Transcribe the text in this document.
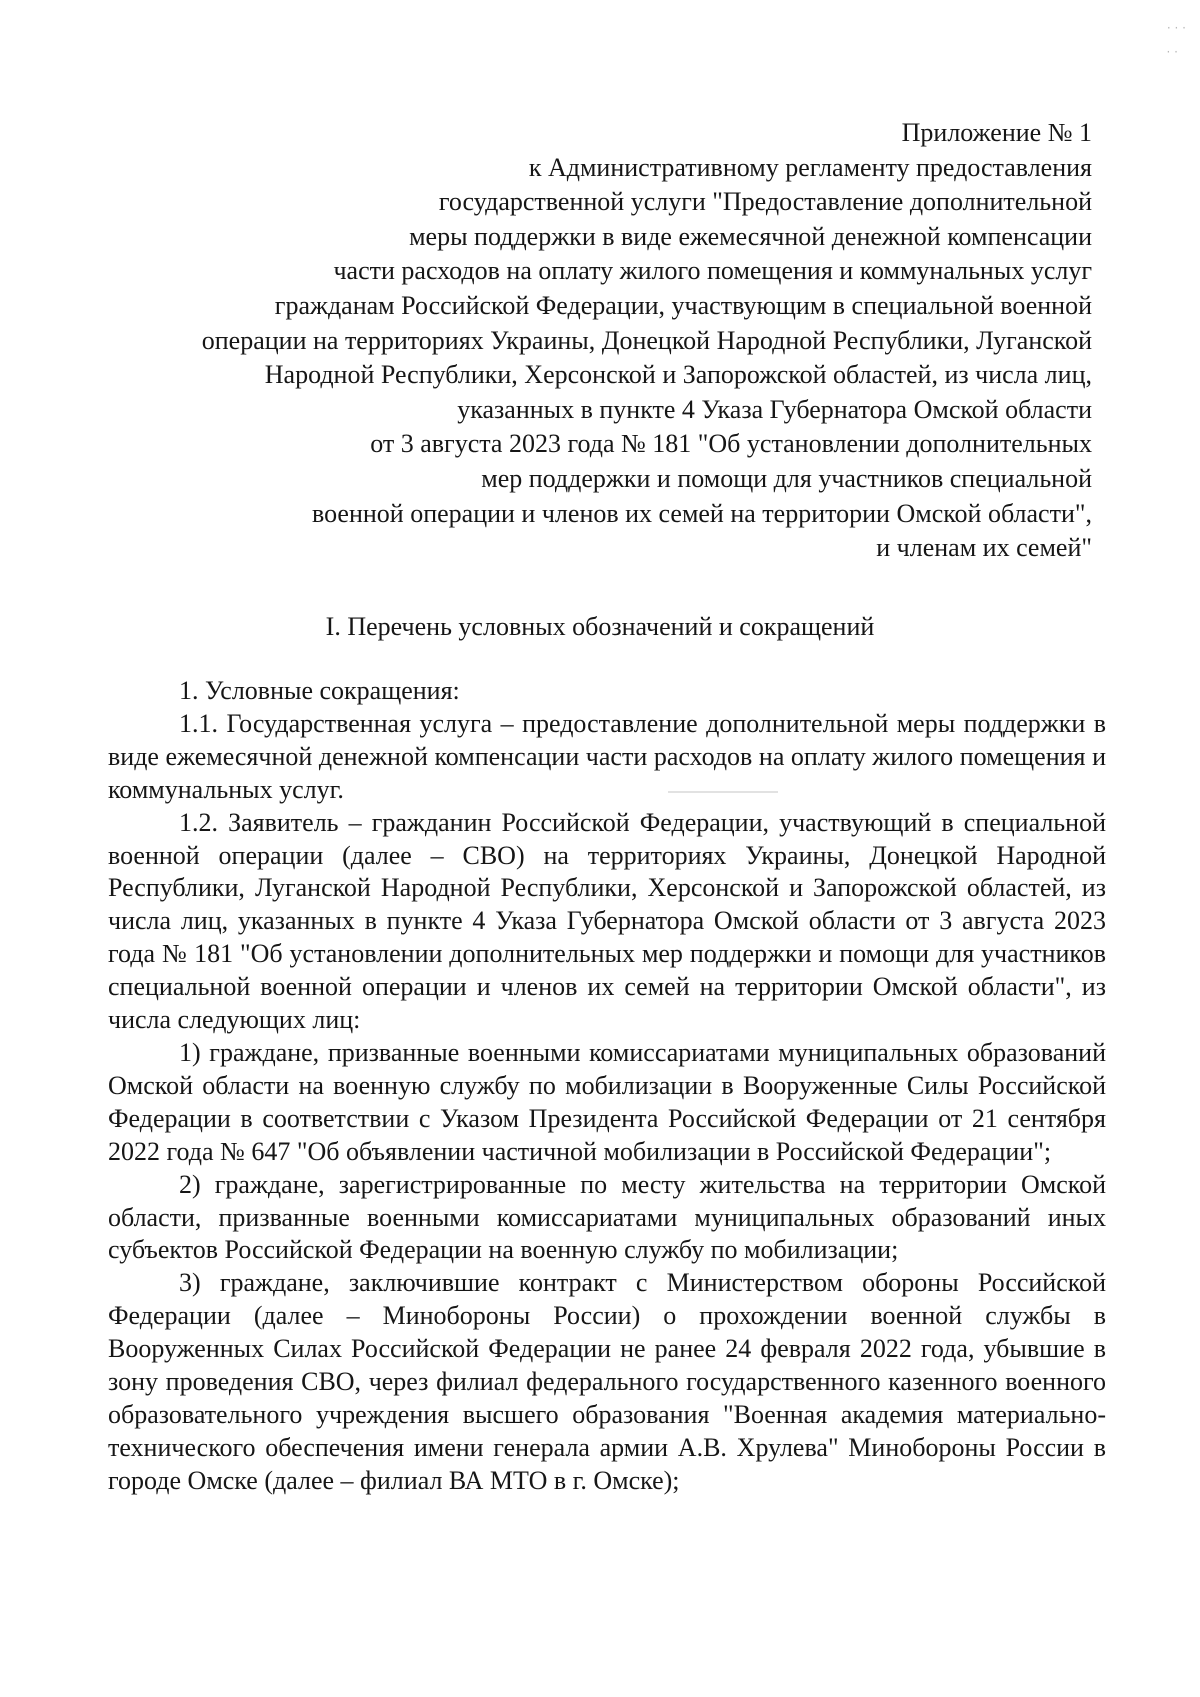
· · ·
· ·
Приложение № 1
к Административному регламенту предоставления
государственной услуги "Предоставление дополнительной
меры поддержки в виде ежемесячной денежной компенсации
части расходов на оплату жилого помещения и коммунальных услуг
гражданам Российской Федерации, участвующим в специальной военной
операции на территориях Украины, Донецкой Народной Республики, Луганской
Народной Республики, Херсонской и Запорожской областей, из числа лиц,
указанных в пункте 4 Указа Губернатора Омской области
от 3 августа 2023 года № 181 "Об установлении дополнительных
мер поддержки и помощи для участников специальной
военной операции и членов их семей на территории Омской области",
и членам их семей"
I. Перечень условных обозначений и сокращений

1. Условные сокращения:

1.1. Государственная услуга – предоставление дополнительной меры поддержки в виде ежемесячной денежной компенсации части расходов на оплату жилого помещения и коммунальных услуг.

1.2. Заявитель – гражданин Российской Федерации, участвующий в специальной военной операции (далее – СВО) на территориях Украины, Донецкой Народной Республики, Луганской Народной Республики, Херсонской и Запорожской областей, из числа лиц, указанных в пункте 4 Указа Губернатора Омской области от 3 августа 2023 года № 181 "Об установлении дополнительных мер поддержки и помощи для участников специальной военной операции и членов их семей на территории Омской области", из числа следующих лиц:

1) граждане, призванные военными комиссариатами муниципальных образований Омской области на военную службу по мобилизации в Вооруженные Силы Российской Федерации в соответствии с Указом Президента Российской Федерации от 21 сентября 2022 года № 647 "Об объявлении частичной мобилизации в Российской Федерации";

2) граждане, зарегистрированные по месту жительства на территории Омской области, призванные военными комиссариатами муниципальных образований иных субъектов Российской Федерации на военную службу по мобилизации;

3) граждане, заключившие контракт с Министерством обороны Российской Федерации (далее – Минобороны России) о прохождении военной службы в Вооруженных Силах Российской Федерации не ранее 24 февраля 2022 года, убывшие в зону проведения СВО, через филиал федерального государственного казенного военного образовательного учреждения высшего образования "Военная академия материально-технического обеспечения имени генерала армии А.В. Хрулева" Минобороны России в городе Омске (далее – филиал ВА МТО в г. Омске);
